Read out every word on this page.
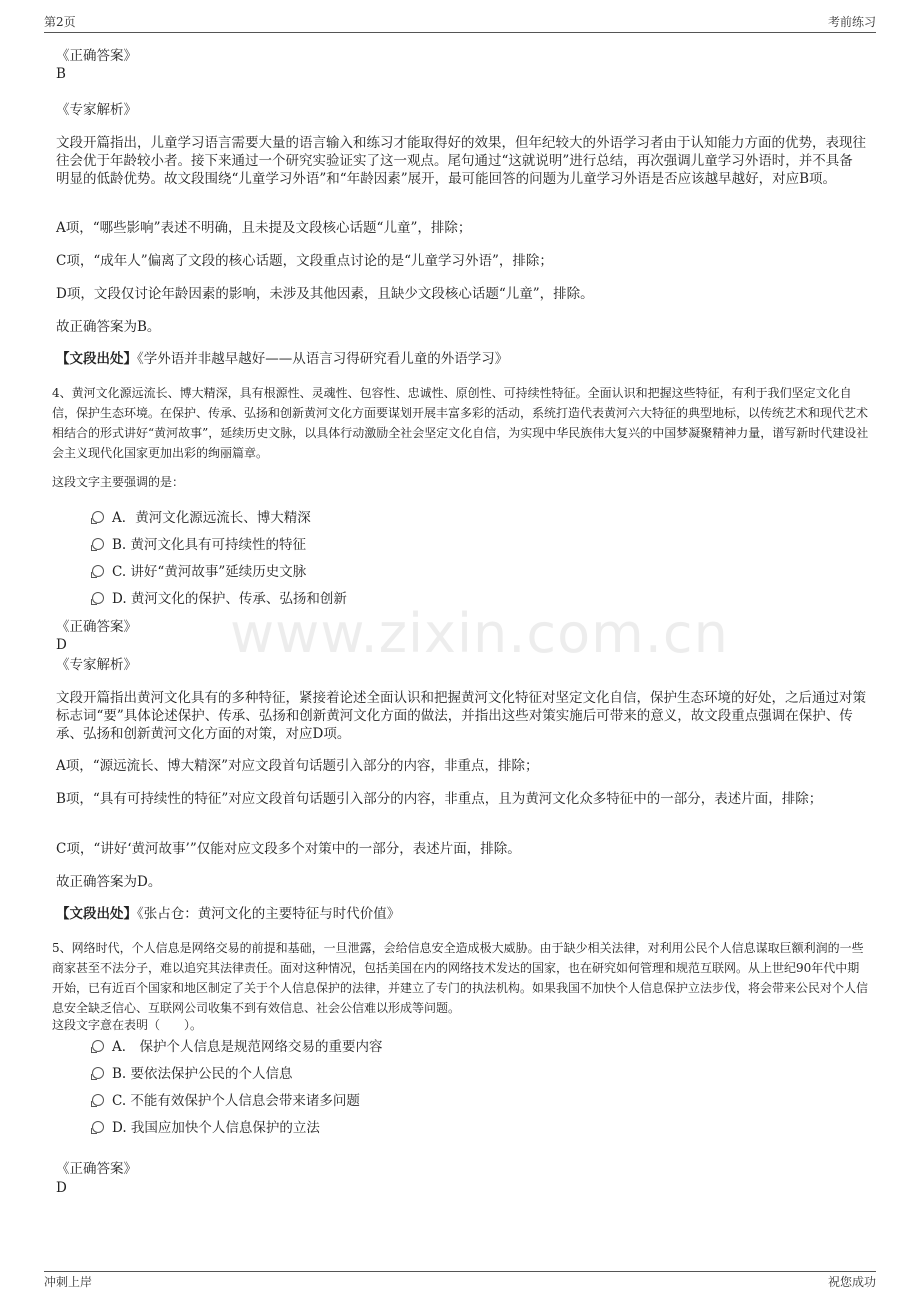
第2页	考前练习
www.zixin.com.cn
《正确答案》
B
《专家解析》
文段开篇指出，儿童学习语言需要大量的语言输入和练习才能取得好的效果，但年纪较大的外语学习者由于认知能力方面的优势，表现往往会优于年龄较小者。接下来通过一个研究实验证实了这一观点。尾句通过“这就说明”进行总结，再次强调儿童学习外语时，并不具备明显的低龄优势。故文段围绕“儿童学习外语”和“年龄因素”展开，最可能回答的问题为儿童学习外语是否应该越早越好，对应B项。
A项，“哪些影响”表述不明确，且未提及文段核心话题“儿童”，排除；
C项，“成年人”偏离了文段的核心话题，文段重点讨论的是“儿童学习外语”，排除；
D项，文段仅讨论年龄因素的影响，未涉及其他因素，且缺少文段核心话题“儿童”，排除。
故正确答案为B。
【文段出处】《学外语并非越早越好——从语言习得研究看儿童的外语学习》
4、黄河文化源远流长、博大精深，具有根源性、灵魂性、包容性、忠诚性、原创性、可持续性特征。全面认识和把握这些特征，有利于我们坚定文化自信，保护生态环境。在保护、传承、弘扬和创新黄河文化方面要谋划开展丰富多彩的活动，系统打造代表黄河六大特征的典型地标，以传统艺术和现代艺术相结合的形式讲好“黄河故事”，延续历史文脉，以具体行动激励全社会坚定文化自信，为实现中华民族伟大复兴的中国梦凝聚精神力量，谱写新时代建设社会主义现代化国家更加出彩的绚丽篇章。
这段文字主要强调的是：
A．黄河文化源远流长、博大精深
B. 黄河文化具有可持续性的特征
C. 讲好“黄河故事”延续历史文脉
D. 黄河文化的保护、传承、弘扬和创新
《正确答案》
D
《专家解析》
文段开篇指出黄河文化具有的多种特征，紧接着论述全面认识和把握黄河文化特征对坚定文化自信，保护生态环境的好处，之后通过对策标志词“要”具体论述保护、传承、弘扬和创新黄河文化方面的做法，并指出这些对策实施后可带来的意义，故文段重点强调在保护、传承、弘扬和创新黄河文化方面的对策，对应D项。
A项，“源远流长、博大精深”对应文段首句话题引入部分的内容，非重点，排除；
B项，“具有可持续性的特征”对应文段首句话题引入部分的内容，非重点，且为黄河文化众多特征中的一部分，表述片面，排除；
C项，“讲好‘黄河故事’”仅能对应文段多个对策中的一部分，表述片面，排除。
故正确答案为D。
【文段出处】《张占仓：黄河文化的主要特征与时代价值》
5、网络时代，个人信息是网络交易的前提和基础，一旦泄露，会给信息安全造成极大威胁。由于缺少相关法律，对利用公民个人信息谋取巨额利润的一些商家甚至不法分子，难以追究其法律责任。面对这种情况，包括美国在内的网络技术发达的国家，也在研究如何管理和规范互联网。从上世纪90年代中期开始，已有近百个国家和地区制定了关于个人信息保护的法律，并建立了专门的执法机构。如果我国不加快个人信息保护立法步伐，将会带来公民对个人信息安全缺乏信心、互联网公司收集不到有效信息、社会公信难以形成等问题。
这段文字意在表明（　　）。
A． 保护个人信息是规范网络交易的重要内容
B. 要依法保护公民的个人信息
C. 不能有效保护个人信息会带来诸多问题
D. 我国应加快个人信息保护的立法
《正确答案》
D
冲刺上岸	祝您成功
